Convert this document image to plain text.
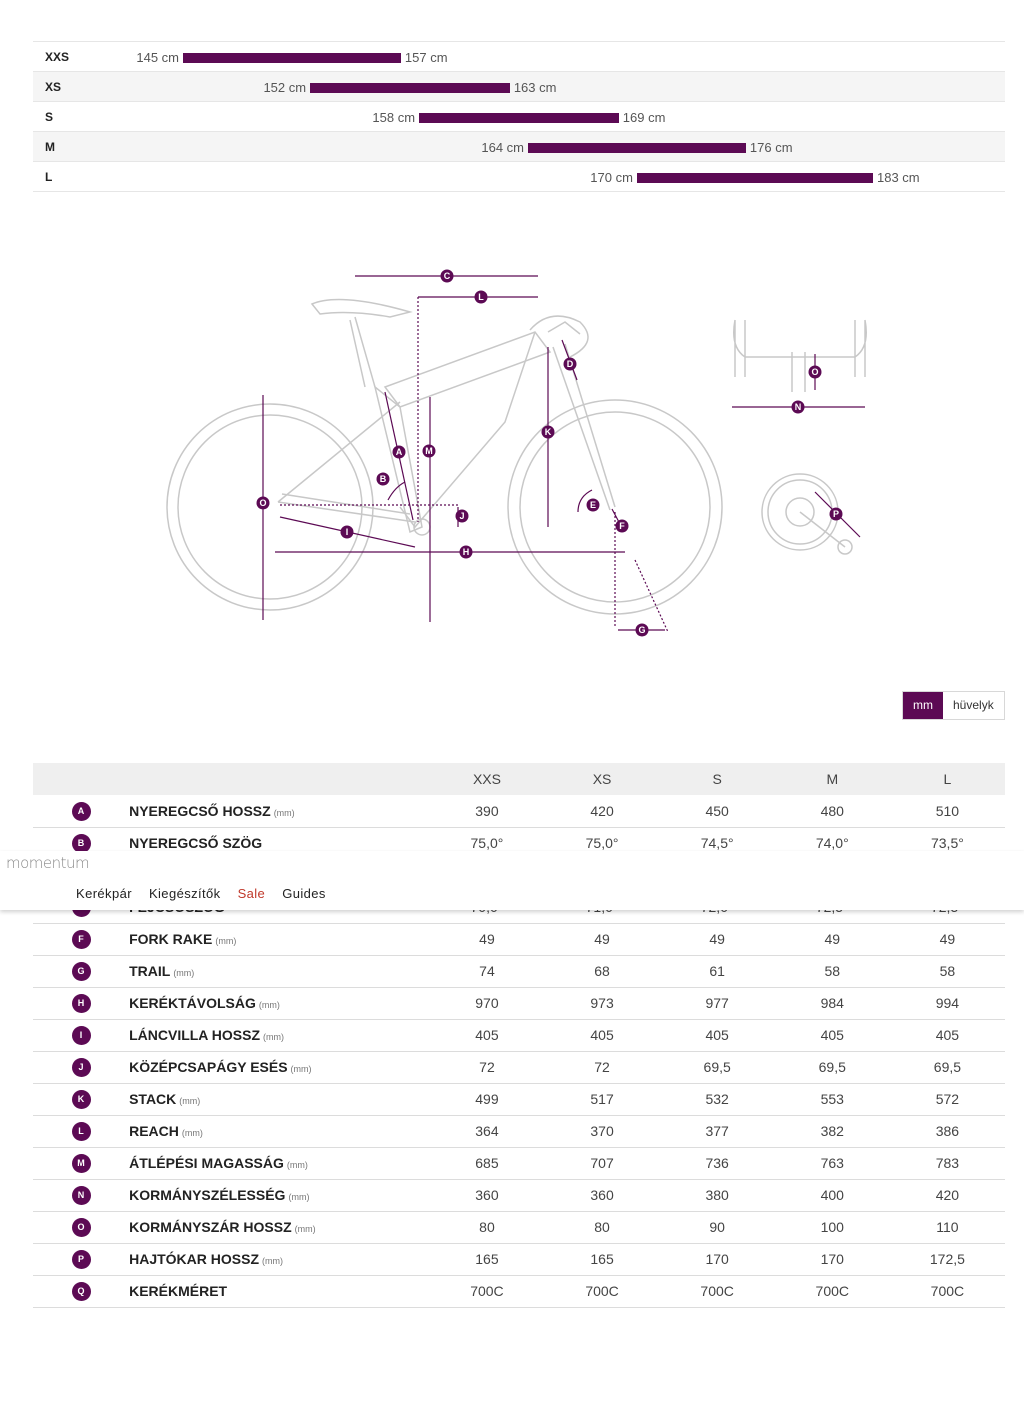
XXS	145 cm	157 cm
XS	152 cm	163 cm
S	158 cm	169 cm
M	164 cm	176 cm
L	170 cm	183 cm
C
L
D
K
A	M
B
O	E
J
F
I
H
G
O
N
P
mm	hüvelyk
		XXS	XS	S	M	L
A	NYEREGCSŐ HOSSZ (mm)	390	420	450	480	510
B	NYEREGCSŐ SZÖG	75,0°	75,0°	74,5°	74,0°	73,5°

F	FORK RAKE (mm)	49	49	49	49	49
G	TRAIL (mm)	74	68	61	58	58
H	KERÉKTÁVOLSÁG (mm)	970	973	977	984	994
I	LÁNCVILLA HOSSZ (mm)	405	405	405	405	405
J	KÖZÉPCSAPÁGY ESÉS (mm)	72	72	69,5	69,5	69,5
K	STACK (mm)	499	517	532	553	572
L	REACH (mm)	364	370	377	382	386
M	ÁTLÉPÉSI MAGASSÁG (mm)	685	707	736	763	783
N	KORMÁNYSZÉLESSÉG (mm)	360	360	380	400	420
O	KORMÁNYSZÁR HOSSZ (mm)	80	80	90	100	110
P	HAJTÓKAR HOSSZ (mm)	165	165	170	170	172,5
Q	KERÉKMÉRET	700C	700C	700C	700C	700C
momentum
Kerékpár Kiegészítők Sale Guides
